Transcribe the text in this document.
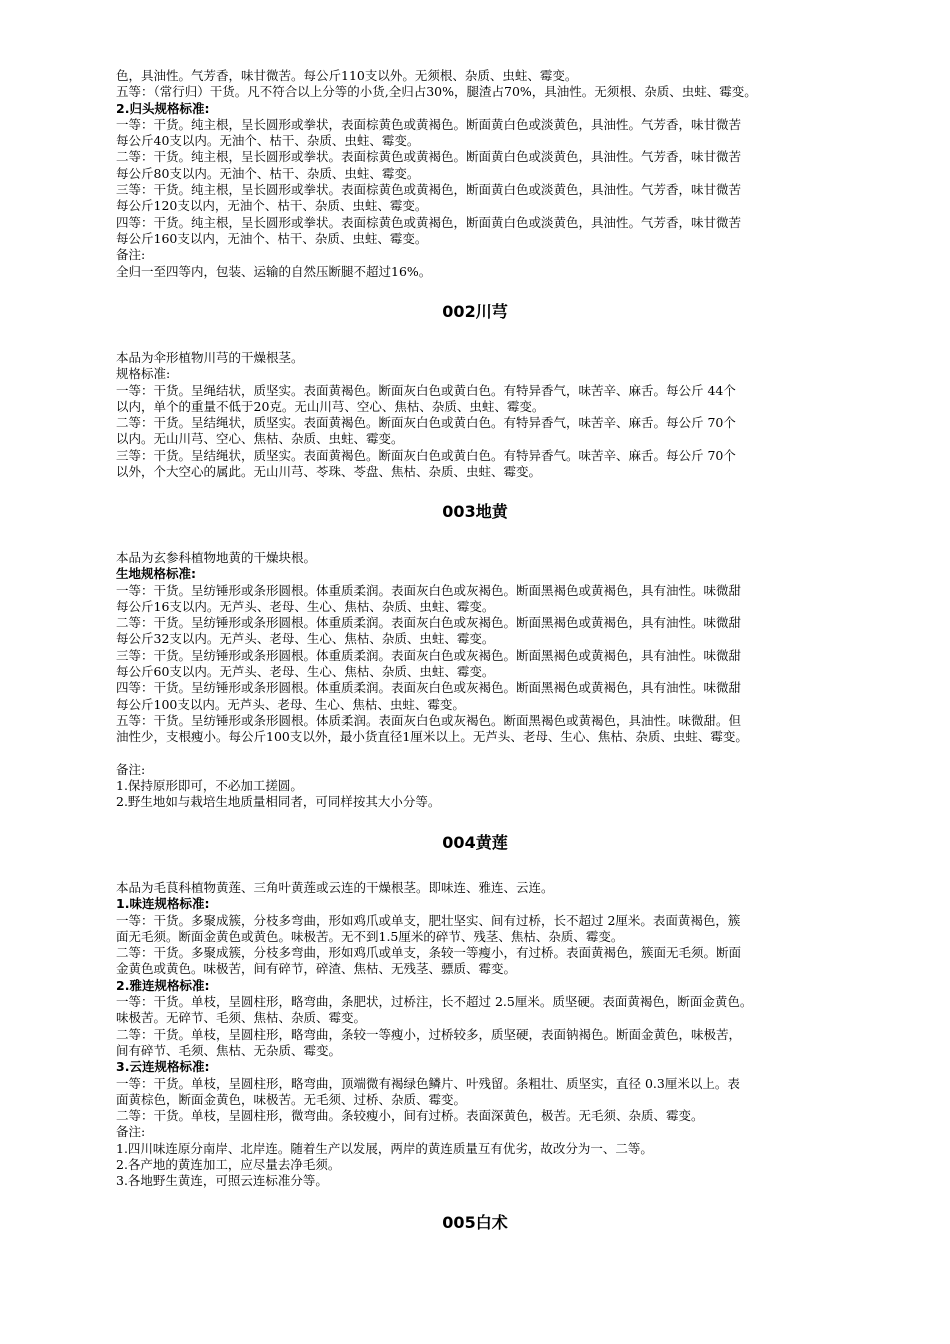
色，具油性。气芳香，味甘微苦。每公斤110支以外。无须根、杂质、虫蛀、霉变。
五等：（常行归）干货。凡不符合以上分等的小货,全归占30%，腿渣占70%，具油性。无须根、杂质、虫蛀、霉变。
2.归头规格标准:
一等：干货。纯主根，呈长圆形或拳状，表面棕黄色或黄褐色。断面黄白色或淡黄色，具油性。气芳香，味甘微苦
每公斤40支以内。无油个、枯干、杂质、虫蛀、霉变。
二等：干货。纯主根，呈长圆形或拳状。表面棕黄色或黄褐色。断面黄白色或淡黄色，具油性。气芳香，味甘微苦
每公斤80支以内。无油个、枯干、杂质、虫蛀、霉变。
三等：干货。纯主根，呈长圆形或拳状。表面棕黄色或黄褐色，断面黄白色或淡黄色，具油性。气芳香，味甘微苦
每公斤120支以内，无油个、枯干、杂质、虫蛀、霉变。
四等：干货。纯主根，呈长圆形或拳状。表面棕黄色或黄褐色，断面黄白色或淡黄色，具油性。气芳香，味甘微苦
每公斤160支以内，无油个、枯干、杂质、虫蛀、霉变。
备注:
全归一至四等内，包装、运输的自然压断腿不超过16%。
002川芎
本品为伞形植物川芎的干燥根茎。
规格标准:
一等：干货。呈绳结状，质坚实。表面黄褐色。断面灰白色或黄白色。有特异香气，味苦辛、麻舌。每公斤 44个
以内，单个的重量不低于20克。无山川芎、空心、焦枯、杂质、虫蛀、霉变。
二等：干货。呈结绳状，质坚实。表面黄褐色。断面灰白色或黄白色。有特异香气，味苦辛、麻舌。每公斤 70个
以内。无山川芎、空心、焦枯、杂质、虫蛀、霉变。
三等：干货。呈结绳状，质坚实。表面黄褐色。断面灰白色或黄白色。有特异香气。味苦辛、麻舌。每公斤 70个
以外，个大空心的属此。无山川芎、苓珠、苓盘、焦枯、杂质、虫蛀、霉变。
003地黄
本品为玄参科植物地黄的干燥块根。
生地规格标准:
一等：干货。呈纺锤形或条形圆根。体重质柔润。表面灰白色或灰褐色。断面黑褐色或黄褐色，具有油性。味微甜
每公斤16支以内。无芦头、老母、生心、焦枯、杂质、虫蛀、霉变。
二等：干货。呈纺锤形或条形圆根。体重质柔润。表面灰白色或灰褐色。断面黑褐色或黄褐色，具有油性。味微甜
每公斤32支以内。无芦头、老母、生心、焦枯、杂质、虫蛀、霉变。
三等：干货。呈纺锤形或条形圆根。体重质柔润。表面灰白色或灰褐色。断面黑褐色或黄褐色，具有油性。味微甜
每公斤60支以内。无芦头、老母、生心、焦枯、杂质、虫蛀、霉变。
四等：干货。呈纺锤形或条形圆根。体重质柔润。表面灰白色或灰褐色。断面黑褐色或黄褐色，具有油性。味微甜
每公斤100支以内。无芦头、老母、生心、焦枯、虫蛀、霉变。
五等：干货。呈纺锤形或条形圆根。体质柔润。表面灰白色或灰褐色。断面黑褐色或黄褐色，具油性。味微甜。但
油性少，支根瘦小。每公斤100支以外，最小货直径1厘米以上。无芦头、老母、生心、焦枯、杂质、虫蛀、霉变。
备注:
1.保持原形即可，不必加工搓圆。
2.野生地如与栽培生地质量相同者，可同样按其大小分等。
004黄莲
本品为毛茛科植物黄莲、三角叶黄莲或云连的干燥根茎。即味连、雅连、云连。
1.味连规格标准:
一等：干货。多聚成簇，分枝多弯曲，形如鸡爪或单支，肥壮坚实、间有过桥，长不超过 2厘米。表面黄褐色，簇
面无毛须。断面金黄色或黄色。味极苦。无不到1.5厘米的碎节、残茎、焦枯、杂质、霉变。
二等：干货。多聚成簇，分枝多弯曲，形如鸡爪或单支，条较一等瘦小，有过桥。表面黄褐色，簇面无毛须。断面
金黄色或黄色。味极苦，间有碎节，碎渣、焦枯、无残茎、骠质、霉变。
2.雅连规格标准:
一等：干货。单枝，呈圆柱形，略弯曲，条肥状，过桥注，长不超过 2.5厘米。质坚硬。表面黄褐色，断面金黄色。
味极苦。无碎节、毛须、焦枯、杂质、霉变。
二等：干货。单枝，呈圆柱形，略弯曲，条较一等瘦小，过桥较多，质坚硬，表面钠褐色。断面金黄色，味极苦，
间有碎节、毛须、焦枯、无杂质、霉变。
3.云连规格标准:
一等：干货。单枝，呈圆柱形，略弯曲，顶端微有褐绿色鳞片、叶残留。条粗壮、质坚实，直径 0.3厘米以上。表
面黄棕色，断面金黄色，味极苦。无毛须、过桥、杂质、霉变。
二等：干货。单枝，呈圆柱形，微弯曲。条较瘦小，间有过桥。表面深黄色，极苦。无毛须、杂质、霉变。
备注:
1.四川味连原分南岸、北岸连。随着生产以发展，两岸的黄连质量互有优劣，故改分为一、二等。
2.各产地的黄连加工，应尽量去净毛须。
3.各地野生黄连，可照云连标准分等。
005白术
